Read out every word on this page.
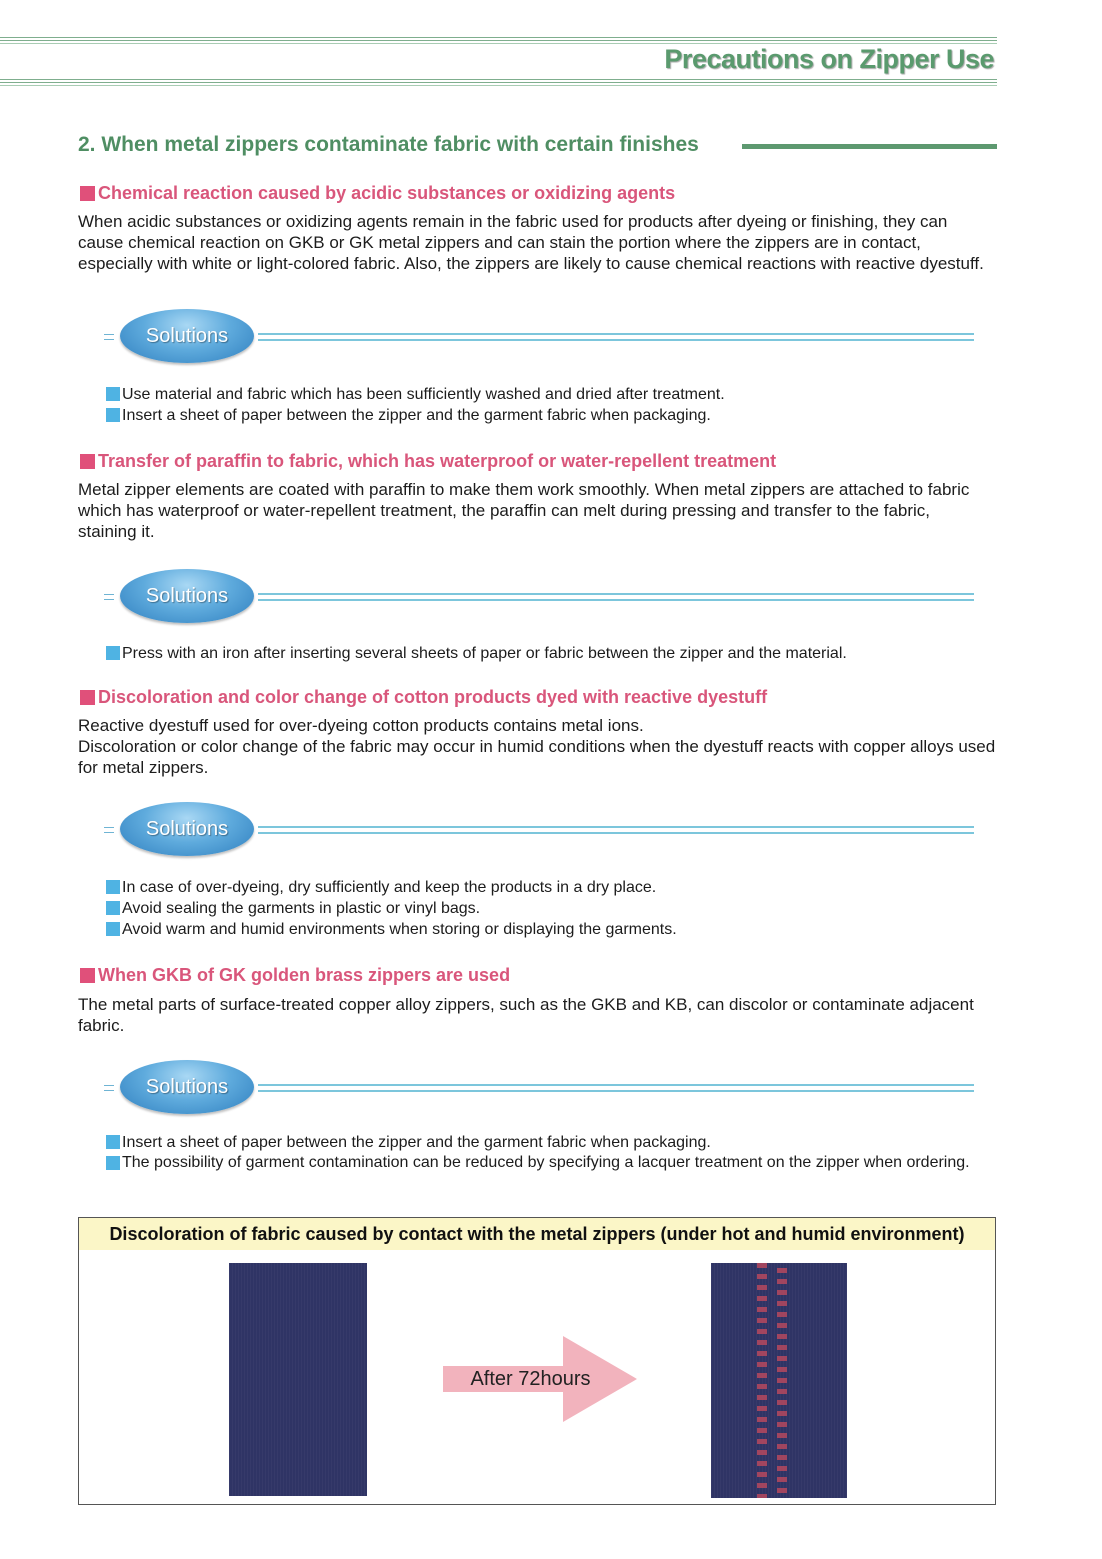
Precautions on Zipper Use
2. When metal zippers contaminate fabric with certain finishes
Chemical reaction caused by acidic substances or oxidizing agents

When acidic substances or oxidizing agents remain in the fabric used for products after dyeing or finishing, they can cause chemical reaction on GKB or GK metal zippers and can stain the portion where the zippers are in contact, especially with white or light-colored fabric. Also, the zippers are likely to cause chemical reactions with reactive dyestuff.

Solutions
Use material and fabric which has been sufficiently washed and dried after treatment.
Insert a sheet of paper between the zipper and the garment fabric when packaging.
Transfer of paraffin to fabric, which has waterproof or water-repellent treatment

Metal zipper elements are coated with paraffin to make them work smoothly. When metal zippers are attached to fabric which has waterproof or water-repellent treatment, the paraffin can melt during pressing and transfer to the fabric, staining it.

Solutions
Press with an iron after inserting several sheets of paper or fabric between the zipper and the material.
Discoloration and color change of cotton products dyed with reactive dyestuff

Reactive dyestuff used for over-dyeing cotton products contains metal ions.

Discoloration or color change of the fabric may occur in humid conditions when the dyestuff reacts with copper alloys used for metal zippers.

Solutions
In case of over-dyeing, dry sufficiently and keep the products in a dry place.
Avoid sealing the garments in plastic or vinyl bags.
Avoid warm and humid environments when storing or displaying the garments.
When GKB of GK golden brass zippers are used

The metal parts of surface-treated copper alloy zippers, such as the GKB and KB, can discolor or contaminate adjacent fabric.

Solutions
Insert a sheet of paper between the zipper and the garment fabric when packaging.
The possibility of garment contamination can be reduced by specifying a lacquer treatment on the zipper when ordering.
Discoloration of fabric caused by contact with the metal zippers (under hot and humid environment)
After 72hours
